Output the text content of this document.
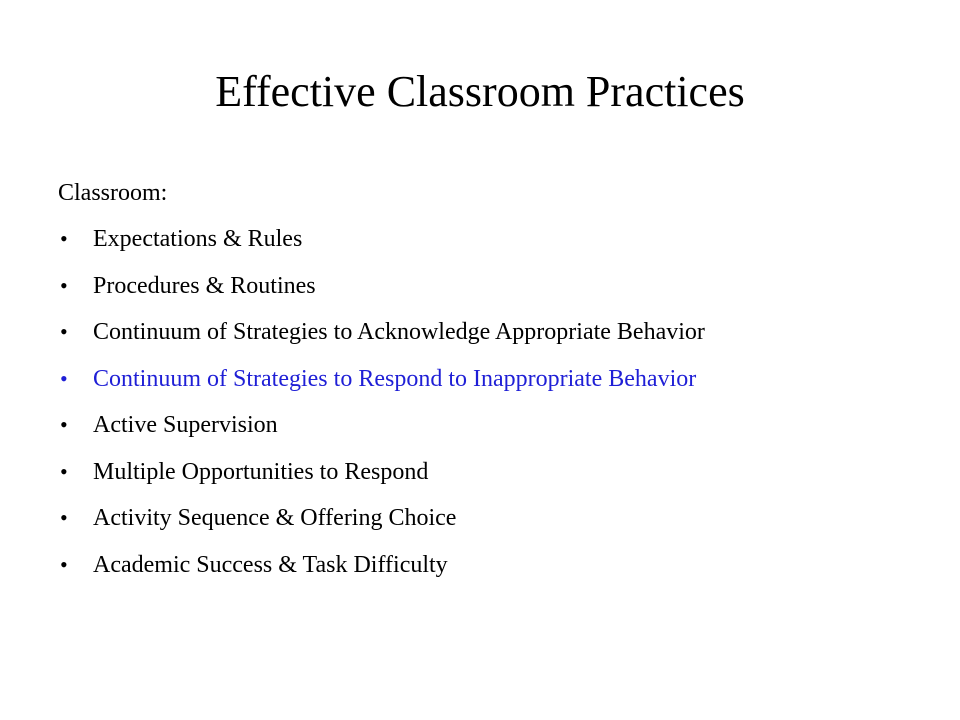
Effective Classroom Practices

Classroom:

• Expectations & Rules
• Procedures & Routines
• Continuum of Strategies to Acknowledge Appropriate Behavior
• Continuum of Strategies to Respond to Inappropriate Behavior
• Active Supervision
• Multiple Opportunities to Respond
• Activity Sequence & Offering Choice
• Academic Success & Task Difficulty
